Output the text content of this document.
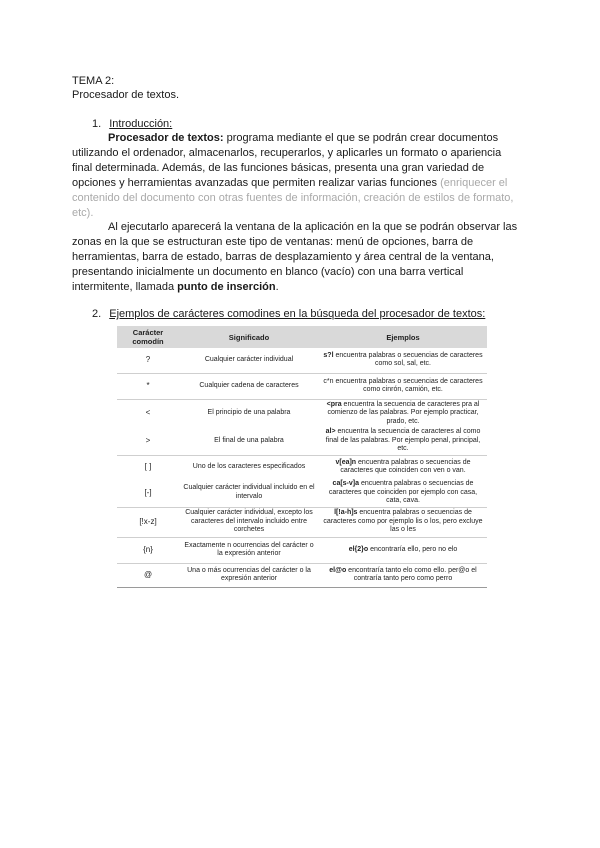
TEMA 2:
Procesador de textos.
1. Introducción:
Procesador de textos: programa mediante el que se podrán crear documentos utilizando el ordenador, almacenarlos, recuperarlos, y aplicarles un formato o apariencia final determinada. Además, de las funciones básicas, presenta una gran variedad de opciones y herramientas avanzadas que permiten realizar varias funciones (enriquecer el contenido del documento con otras fuentes de información, creación de estilos de formato, etc).
Al ejecutarlo aparecerá la ventana de la aplicación en la que se podrán observar las zonas en la que se estructuran este tipo de ventanas: menú de opciones, barra de herramientas, barra de estado, barras de desplazamiento y área central de la ventana, presentando inicialmente un documento en blanco (vacío) con una barra vertical intermitente, llamada punto de inserción.
2. Ejemplos de carácteres comodines en la búsqueda del procesador de textos:
Carácter comodín	Significado	Ejemplos
?	Cualquier carácter individual	s?l encuentra palabras o secuencias de caracteres como sol, sal, etc.
*	Cualquier cadena de caracteres	c*n encuentra palabras o secuencias de caracteres como cinrón, camión, etc.
<	El principio de una palabra	<pra encuentra la secuencia de caracteres pra al comienzo de las palabras. Por ejemplo practicar, prado, etc.
>	El final de una palabra	al> encuentra la secuencia de caracteres al como final de las palabras. Por ejemplo penal, principal, etc.
[ ]	Uno de los caracteres especificados	v[ea]n encuentra palabras o secuencias de caracteres que coinciden con ven o van.
[-]	Cualquier carácter individual incluido en el intervalo	ca[s-v]a encuentra palabras o secuencias de caracteres que coinciden por ejemplo con casa, cata, cava.
[!x-z]	Cualquier carácter individual, excepto los caracteres del intervalo incluido entre corchetes	l[!a-h]s encuentra palabras o secuencias de caracteres como por ejemplo lis o los, pero excluye las o les
{n}	Exactamente n ocurrencias del carácter o la expresión anterior	el{2}o encontraría ello, pero no elo
@	Una o más ocurrencias del carácter o la expresión anterior	el@o encontraría tanto elo como ello. per@o el contraría tanto pero como perro
